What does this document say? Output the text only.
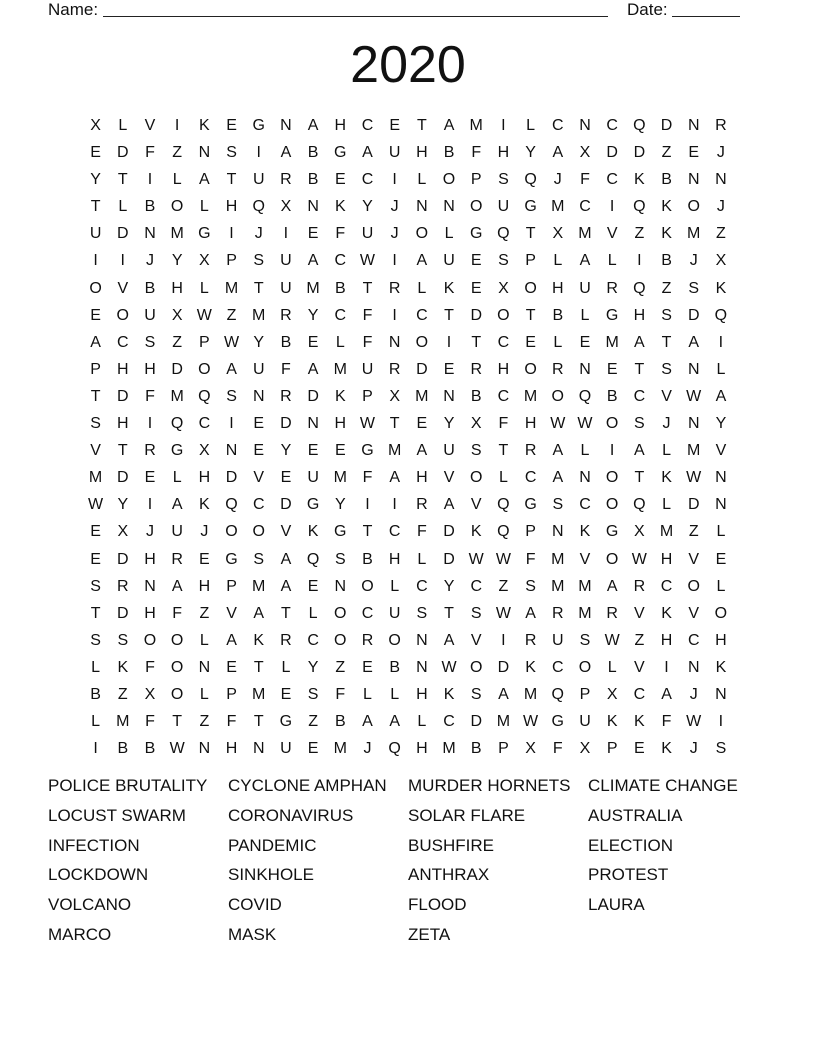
Name:	Date:
2020
X	L	V	I	K	E G N	A	H C	E	T	A M	I	L	C N C Q D N R
E	D	F	Z	N	S	I	A	B G A	U H	B	F	H	Y	A	X	D D	Z	E	J
Y	T	I	L	A	T	U R	B	E	C	I	L	O P	S Q	J	F	C	K	B	N N
T	L	B O	L	H Q X	N	K	Y	J	N N O U G M C	I	Q K O	J
U D N M G	I	J	I	E	F	U	J	O	L	G Q	T	X M V	Z	K M Z
I	I	J	Y	X	P	S	U	A	C W	I	A	U	E	S	P	L	A	L	I	B	J	X
O V	B	H	L	M T	U M B	T	R	L	K	E	X O H U R Q	Z	S	K
E O U	X W Z M R	Y	C	F	I	C	T	D O	T	B	L	G H	S	D Q
A	C	S	Z	P W Y	B	E	L	F	N O	I	T	C	E	L	E M A	T	A	I
P	H H D O A	U	F	A M U R D	E	R H O R N	E	T	S	N	L
T	D	F M Q S	N R D	K	P	X M N	B	C M O Q B	C	V W A
S	H	I	Q C	I	E	D N H W T	E	Y	X	F	H W W O S	J	N	Y
V	T	R G X	N	E	Y	E	E G M A	U	S	T	R	A	L	I	A	L	M V
M D	E	L	H D	V	E	U M F	A	H	V O	L	C	A	N O	T	K W N
W Y	I	A	K Q C D G Y	I	I	R	A	V Q G S	C O Q	L	D N
E	X	J	U	J	O O V	K G	T	C	F	D	K Q P	N	K G X M Z	L
E	D H R	E G S	A Q S	B	H	L	D W W F M V O W H	V	E
S	R N	A	H	P M A	E	N O	L	C	Y	C	Z	S M M A	R C O	L
T	D H	F	Z	V	A	T	L	O C U	S	T	S W A	R M R	V	K	V O
S	S O O	L	A	K	R C O R O N	A	V	I	R U	S W Z	H C H
L	K	F	O N	E	T	L	Y	Z	E	B	N W O D	K	C O	L	V	I	N	K
B	Z	X O	L	P M E	S	F	L	L	H	K	S	A M Q P	X	C	A	J	N
L	M F	T	Z	F	T	G	Z	B	A	A	L	C D M W G U	K	K	F W	I
I	B	B W N H N U	E M	J	Q H M B	P	X	F	X	P	E	K	J	S
POLICE BRUTALITY	CYCLONE AMPHAN	MURDER HORNETS	CLIMATE CHANGE
LOCUST SWARM	CORONAVIRUS	SOLAR FLARE	AUSTRALIA
INFECTION	PANDEMIC	BUSHFIRE	ELECTION
LOCKDOWN	SINKHOLE	ANTHRAX	PROTEST
VOLCANO	COVID	FLOOD	LAURA
MARCO	MASK	ZETA
